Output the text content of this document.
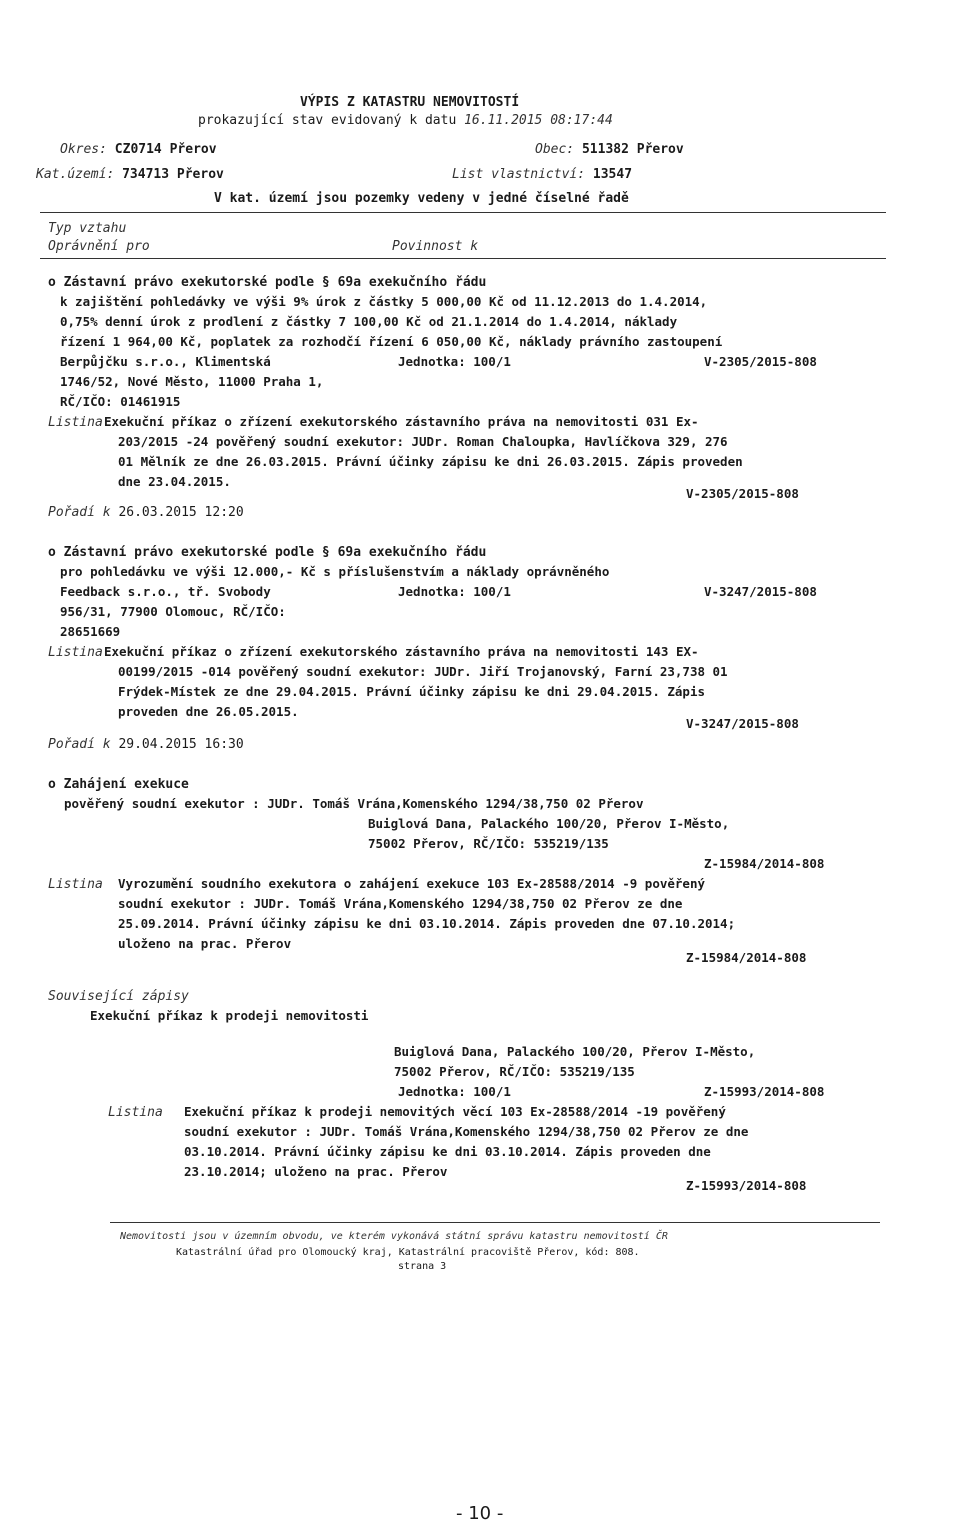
VÝPIS Z KATASTRU NEMOVITOSTÍ
prokazující stav evidovaný k datu 16.11.2015 08:17:44
Okres: CZ0714 Přerov	Obec: 511382 Přerov
Kat.území: 734713 Přerov	List vlastnictví: 13547
V kat. území jsou pozemky vedeny v jedné číselné řadě
Typ vztahu
Oprávnění pro	Povinnost k
o Zástavní právo exekutorské podle § 69a exekučního řádu
k zajištění pohledávky ve výši 9% úrok z částky 5 000,00 Kč od 11.12.2013 do 1.4.2014,
0,75% denní úrok z prodlení z částky 7 100,00 Kč od 21.1.2014 do 1.4.2014, náklady
řízení 1 964,00 Kč, poplatek za rozhodčí řízení 6 050,00 Kč, náklady právního zastoupení
Berpůjčku s.r.o., Klimentská	Jednotka: 100/1	V-2305/2015-808
1746/52, Nové Město, 11000 Praha 1,
RČ/IČO: 01461915
Listina Exekuční příkaz o zřízení exekutorského zástavního práva na nemovitosti 031 Ex-
203/2015 -24 pověřený soudní exekutor: JUDr. Roman Chaloupka, Havlíčkova 329, 276
01 Mělník ze dne 26.03.2015. Právní účinky zápisu ke dni 26.03.2015. Zápis proveden
dne 23.04.2015.
V-2305/2015-808
Pořadí k 26.03.2015 12:20
o Zástavní právo exekutorské podle § 69a exekučního řádu
pro pohledávku ve výši 12.000,- Kč s příslušenstvím a náklady oprávněného
Feedback s.r.o., tř. Svobody	Jednotka: 100/1	V-3247/2015-808
956/31, 77900 Olomouc, RČ/IČO:
28651669
Listina Exekuční příkaz o zřízení exekutorského zástavního práva na nemovitosti 143 EX-
00199/2015 -014 pověřený soudní exekutor: JUDr. Jiří Trojanovský, Farní 23,738 01
Frýdek-Místek ze dne 29.04.2015. Právní účinky zápisu ke dni 29.04.2015. Zápis
proveden dne 26.05.2015.
V-3247/2015-808
Pořadí k 29.04.2015 16:30
o Zahájení exekuce
pověřený soudní exekutor : JUDr. Tomáš Vrána,Komenského 1294/38,750 02 Přerov
Buiglová Dana, Palackého 100/20, Přerov I-Město,
75002 Přerov, RČ/IČO: 535219/135
Z-15984/2014-808
Listina Vyrozumění soudního exekutora o zahájení exekuce 103 Ex-28588/2014 -9 pověřený
soudní exekutor : JUDr. Tomáš Vrána,Komenského 1294/38,750 02 Přerov ze dne
25.09.2014. Právní účinky zápisu ke dni 03.10.2014. Zápis proveden dne 07.10.2014;
uloženo na prac. Přerov
Z-15984/2014-808
Související zápisy
Exekuční příkaz k prodeji nemovitosti
Buiglová Dana, Palackého 100/20, Přerov I-Město,
75002 Přerov, RČ/IČO: 535219/135
Jednotka: 100/1	Z-15993/2014-808
Listina Exekuční příkaz k prodeji nemovitých věcí 103 Ex-28588/2014 -19 pověřený
soudní exekutor : JUDr. Tomáš Vrána,Komenského 1294/38,750 02 Přerov ze dne
03.10.2014. Právní účinky zápisu ke dni 03.10.2014. Zápis proveden dne
23.10.2014; uloženo na prac. Přerov
Z-15993/2014-808
Nemovitosti jsou v územním obvodu, ve kterém vykonává státní správu katastru nemovitostí ČR
Katastrální úřad pro Olomoucký kraj, Katastrální pracoviště Přerov, kód: 808.
strana 3
- 10 -
